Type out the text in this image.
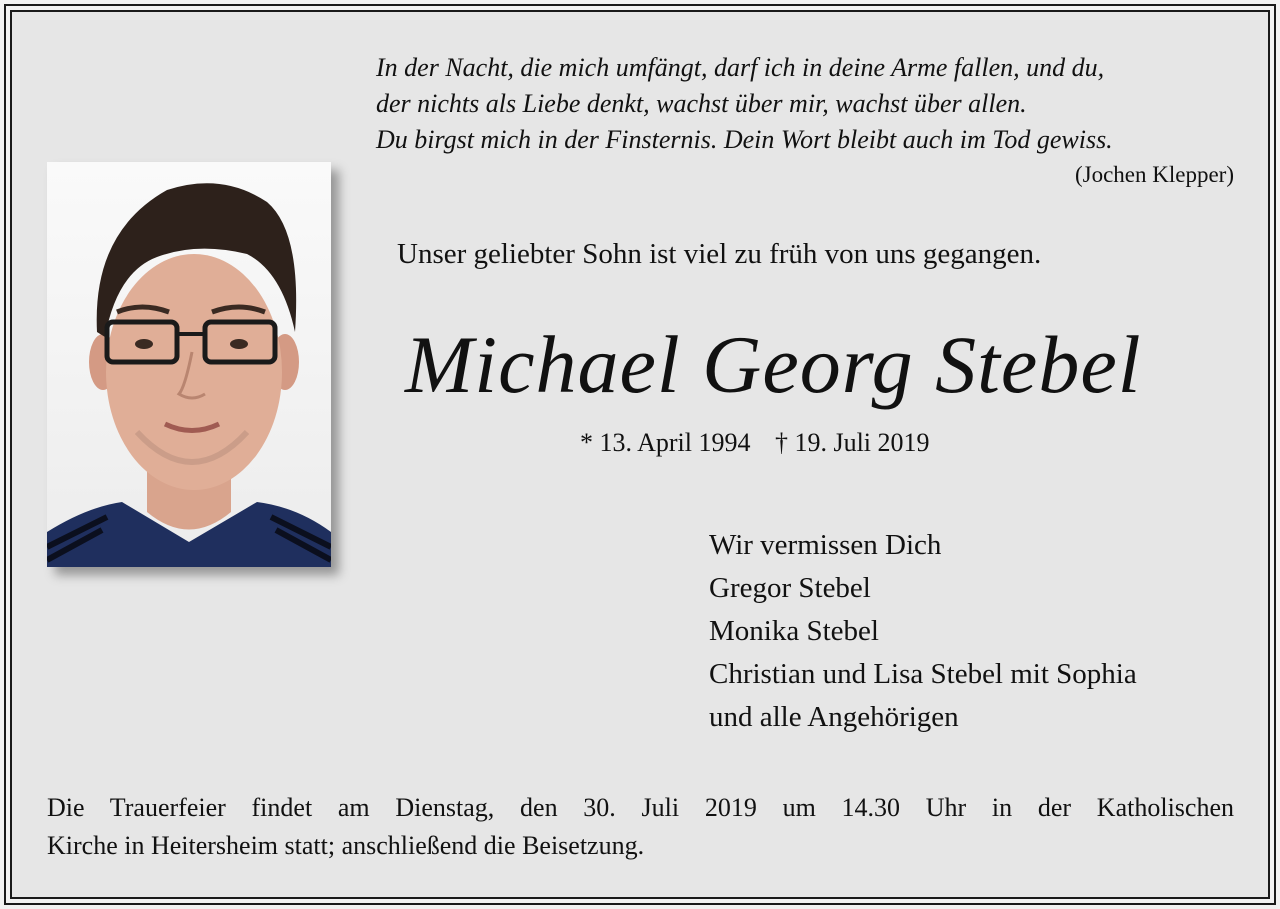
In der Nacht, die mich umfängt, darf ich in deine Arme fallen, und du,
der nichts als Liebe denkt, wachst über mir, wachst über allen.
Du birgst mich in der Finsternis. Dein Wort bleibt auch im Tod gewiss.
(Jochen Klepper)
Unser geliebter Sohn ist viel zu früh von uns gegangen.
Michael Georg Stebel
* 13. April 1994 † 19. Juli 2019
Wir vermissen Dich
Gregor Stebel
Monika Stebel
Christian und Lisa Stebel mit Sophia
und alle Angehörigen
Die Trauerfeier findet am Dienstag, den 30. Juli 2019 um 14.30 Uhr in der Katholischen
Kirche in Heitersheim statt; anschließend die Beisetzung.
